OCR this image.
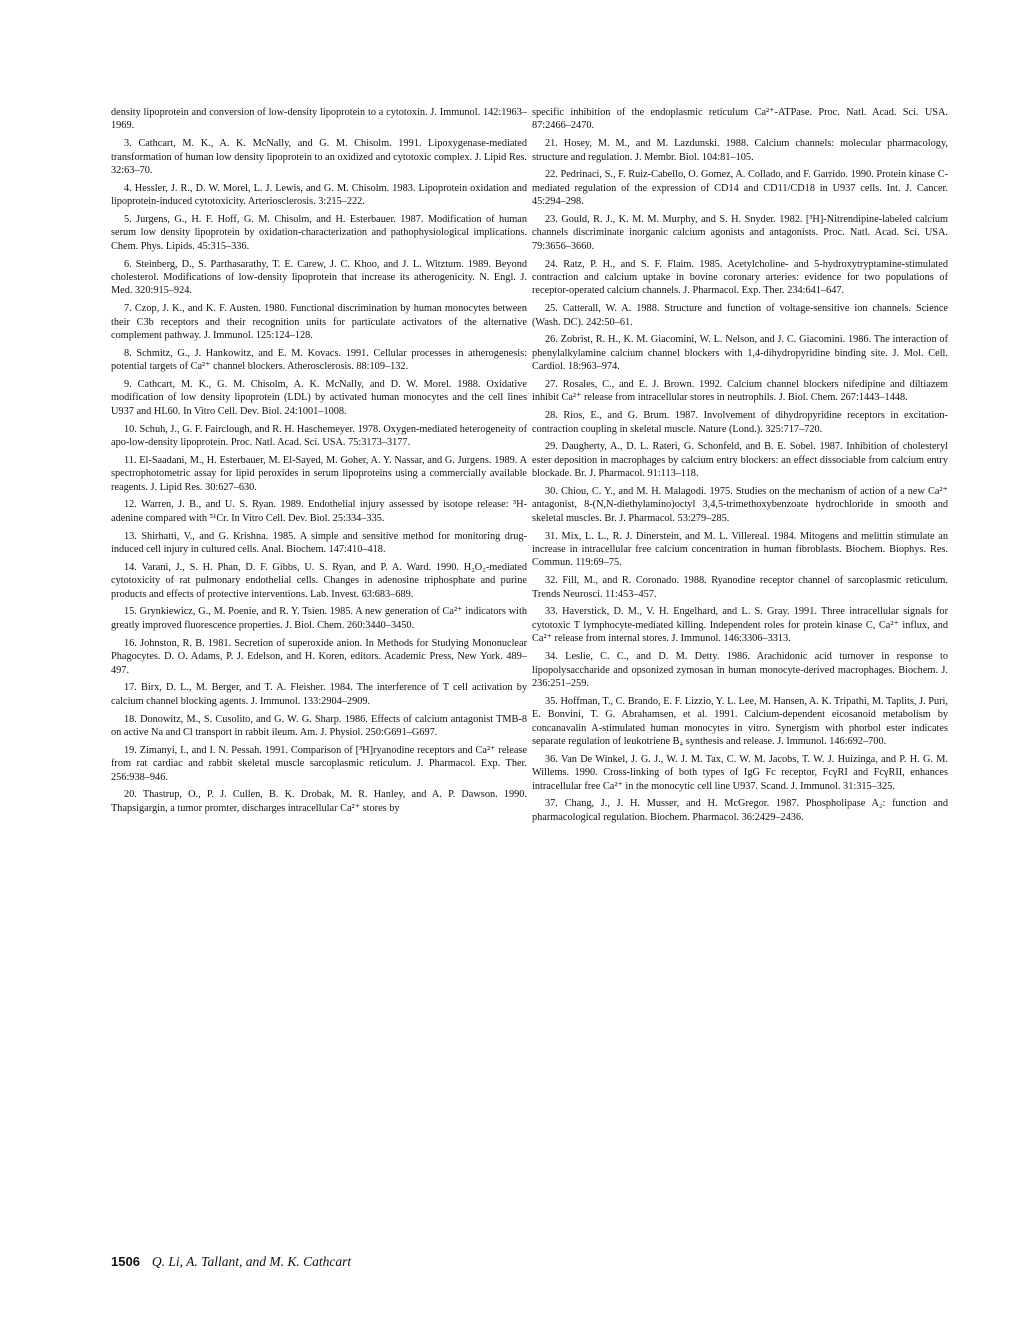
density lipoprotein and conversion of low-density lipoprotein to a cytotoxin. J. Immunol. 142:1963–1969.

3. Cathcart, M. K., A. K. McNally, and G. M. Chisolm. 1991. Lipoxygenase-mediated transformation of human low density lipoprotein to an oxidized and cytotoxic complex. J. Lipid Res. 32:63–70.

4. Hessler, J. R., D. W. Morel, L. J. Lewis, and G. M. Chisolm. 1983. Lipoprotein oxidation and lipoprotein-induced cytotoxicity. Arteriosclerosis. 3:215–222.

5. Jurgens, G., H. F. Hoff, G. M. Chisolm, and H. Esterbauer. 1987. Modification of human serum low density lipoprotein by oxidation-characterization and pathophysiological implications. Chem. Phys. Lipids. 45:315–336.

6. Steinberg, D., S. Parthasarathy, T. E. Carew, J. C. Khoo, and J. L. Witztum. 1989. Beyond cholesterol. Modifications of low-density lipoprotein that increase its atherogenicity. N. Engl. J. Med. 320:915–924.

7. Czop, J. K., and K. F. Austen. 1980. Functional discrimination by human monocytes between their C3b receptors and their recognition units for particulate activators of the alternative complement pathway. J. Immunol. 125:124–128.

8. Schmitz, G., J. Hankowitz, and E. M. Kovacs. 1991. Cellular processes in atherogenesis: potential targets of Ca²⁺ channel blockers. Atherosclerosis. 88:109–132.

9. Cathcart, M. K., G. M. Chisolm, A. K. McNally, and D. W. Morel. 1988. Oxidative modification of low density lipoprotein (LDL) by activated human monocytes and the cell lines U937 and HL60. In Vitro Cell. Dev. Biol. 24:1001–1008.

10. Schuh, J., G. F. Fairclough, and R. H. Haschemeyer. 1978. Oxygen-mediated heterogeneity of apo-low-density lipoprotein. Proc. Natl. Acad. Sci. USA. 75:3173–3177.

11. El-Saadani, M., H. Esterbauer, M. El-Sayed, M. Goher, A. Y. Nassar, and G. Jurgens. 1989. A spectrophotometric assay for lipid peroxides in serum lipoproteins using a commercially available reagents. J. Lipid Res. 30:627–630.

12. Warren, J. B., and U. S. Ryan. 1989. Endothelial injury assessed by isotope release: ³H-adenine compared with ⁵¹Cr. In Vitro Cell. Dev. Biol. 25:334–335.

13. Shirhatti, V., and G. Krishna. 1985. A simple and sensitive method for monitoring drug-induced cell injury in cultured cells. Anal. Biochem. 147:410–418.

14. Varani, J., S. H. Phan, D. F. Gibbs, U. S. Ryan, and P. A. Ward. 1990. H₂O₂-mediated cytotoxicity of rat pulmonary endothelial cells. Changes in adenosine triphosphate and purine products and effects of protective interventions. Lab. Invest. 63:683–689.

15. Grynkiewicz, G., M. Poenie, and R. Y. Tsien. 1985. A new generation of Ca²⁺ indicators with greatly improved fluorescence properties. J. Biol. Chem. 260:3440–3450.

16. Johnston, R. B. 1981. Secretion of superoxide anion. In Methods for Studying Mononuclear Phagocytes. D. O. Adams, P. J. Edelson, and H. Koren, editors. Academic Press, New York. 489–497.

17. Birx, D. L., M. Berger, and T. A. Fleisher. 1984. The interference of T cell activation by calcium channel blocking agents. J. Immunol. 133:2904–2909.

18. Donowitz, M., S. Cusolito, and G. W. G. Sharp. 1986. Effects of calcium antagonist TMB-8 on active Na and Cl transport in rabbit ileum. Am. J. Physiol. 250:G691–G697.

19. Zimanyi, I., and I. N. Pessah. 1991. Comparison of [³H]ryanodine receptors and Ca²⁺ release from rat cardiac and rabbit skeletal muscle sarcoplasmic reticulum. J. Pharmacol. Exp. Ther. 256:938–946.

20. Thastrup, O., P. J. Cullen, B. K. Drobak, M. R. Hanley, and A. P. Dawson. 1990. Thapsigargin, a tumor promter, discharges intracellular Ca²⁺ stores by

specific inhibition of the endoplasmic reticulum Ca²⁺-ATPase. Proc. Natl. Acad. Sci. USA. 87:2466–2470.

21. Hosey, M. M., and M. Lazdunski. 1988. Calcium channels: molecular pharmacology, structure and regulation. J. Membr. Biol. 104:81–105.

22. Pedrinaci, S., F. Ruiz-Cabello, O. Gomez, A. Collado, and F. Garrido. 1990. Protein kinase C-mediated regulation of the expression of CD14 and CD11/CD18 in U937 cells. Int. J. Cancer. 45:294–298.

23. Gould, R. J., K. M. M. Murphy, and S. H. Snyder. 1982. [³H]-Nitrendipine-labeled calcium channels discriminate inorganic calcium agonists and antagonists. Proc. Natl. Acad. Sci. USA. 79:3656–3660.

24. Ratz, P. H., and S. F. Flaim. 1985. Acetylcholine- and 5-hydroxytryptamine-stimulated contraction and calcium uptake in bovine coronary arteries: evidence for two populations of receptor-operated calcium channels. J. Pharmacol. Exp. Ther. 234:641–647.

25. Catterall, W. A. 1988. Structure and function of voltage-sensitive ion channels. Science (Wash. DC). 242:50–61.

26. Zobrist, R. H., K. M. Giacomini, W. L. Nelson, and J. C. Giacomini. 1986. The interaction of phenylalkylamine calcium channel blockers with 1,4-dihydropyridine binding site. J. Mol. Cell. Cardiol. 18:963–974.

27. Rosales, C., and E. J. Brown. 1992. Calcium channel blockers nifedipine and diltiazem inhibit Ca²⁺ release from intracellular stores in neutrophils. J. Biol. Chem. 267:1443–1448.

28. Rios, E., and G. Brum. 1987. Involvement of dihydropyridine receptors in excitation-contraction coupling in skeletal muscle. Nature (Lond.). 325:717–720.

29. Daugherty, A., D. L. Rateri, G. Schonfeld, and B. E. Sobel. 1987. Inhibition of cholesteryl ester deposition in macrophages by calcium entry blockers: an effect dissociable from calcium entry blockade. Br. J. Pharmacol. 91:113–118.

30. Chiou, C. Y., and M. H. Malagodi. 1975. Studies on the mechanism of action of a new Ca²⁺ antagonist, 8-(N,N-diethylamino)octyl 3,4,5-trimethoxybenzoate hydrochloride in smooth and skeletal muscles. Br. J. Pharmacol. 53:279–285.

31. Mix, L. L., R. J. Dinerstein, and M. L. Villereal. 1984. Mitogens and melittin stimulate an increase in intracellular free calcium concentration in human fibroblasts. Biochem. Biophys. Res. Commun. 119:69–75.

32. Fill, M., and R. Coronado. 1988. Ryanodine receptor channel of sarcoplasmic reticulum. Trends Neurosci. 11:453–457.

33. Haverstick, D. M., V. H. Engelhard, and L. S. Gray. 1991. Three intracellular signals for cytotoxic T lymphocyte-mediated killing. Independent roles for protein kinase C, Ca²⁺ influx, and Ca²⁺ release from internal stores. J. Immunol. 146:3306–3313.

34. Leslie, C. C., and D. M. Detty. 1986. Arachidonic acid turnover in response to lipopolysaccharide and opsonized zymosan in human monocyte-derived macrophages. Biochem. J. 236:251–259.

35. Hoffman, T., C. Brando, E. F. Lizzio, Y. L. Lee, M. Hansen, A. K. Tripathi, M. Taplits, J. Puri, E. Bonvini, T. G. Abrahamsen, et al. 1991. Calcium-dependent eicosanoid metabolism by concanavalin A-stimulated human monocytes in vitro. Synergism with phorbol ester indicates separate regulation of leukotriene B₄ synthesis and release. J. Immunol. 146:692–700.

36. Van De Winkel, J. G. J., W. J. M. Tax, C. W. M. Jacobs, T. W. J. Huizinga, and P. H. G. M. Willems. 1990. Cross-linking of both types of IgG Fc receptor, FcγRI and FcγRII, enhances intracellular free Ca²⁺ in the monocytic cell line U937. Scand. J. Immunol. 31:315–325.

37. Chang, J., J. H. Musser, and H. McGregor. 1987. Phospholipase A₂: function and pharmacological regulation. Biochem. Pharmacol. 36:2429–2436.

1506 Q. Li, A. Tallant, and M. K. Cathcart
